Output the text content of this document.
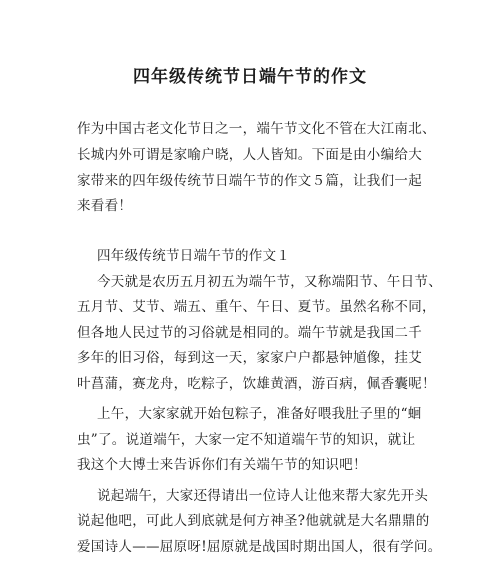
四年级传统节日端午节的作文
作为中国古老文化节日之一，端午节文化不管在大江南北、
长城内外可谓是家喻户晓，人人皆知。下面是由小编给大
家带来的四年级传统节日端午节的作文５篇，让我们一起
来看看！
四年级传统节日端午节的作文１
今天就是农历五月初五为端午节，又称端阳节、午日节、
五月节、艾节、端五、重午、午日、夏节。虽然名称不同，
但各地人民过节的习俗就是相同的。端午节就是我国二千
多年的旧习俗，每到这一天，家家户户都悬钟馗像，挂艾
叶菖蒲，赛龙舟，吃粽子，饮雄黄酒，游百病，佩香囊呢！
上午，大家家就开始包粽子，准备好喂我肚子里的“蛔
虫”了。说道端午，大家一定不知道端午节的知识，就让
我这个大博士来告诉你们有关端午节的知识吧！
说起端午，大家还得请出一位诗人让他来帮大家先开头
说起他吧，可此人到底就是何方神圣?他就就是大名鼎鼎的
爱国诗人——屈原呀!屈原就是战国时期出国人，很有学问。
